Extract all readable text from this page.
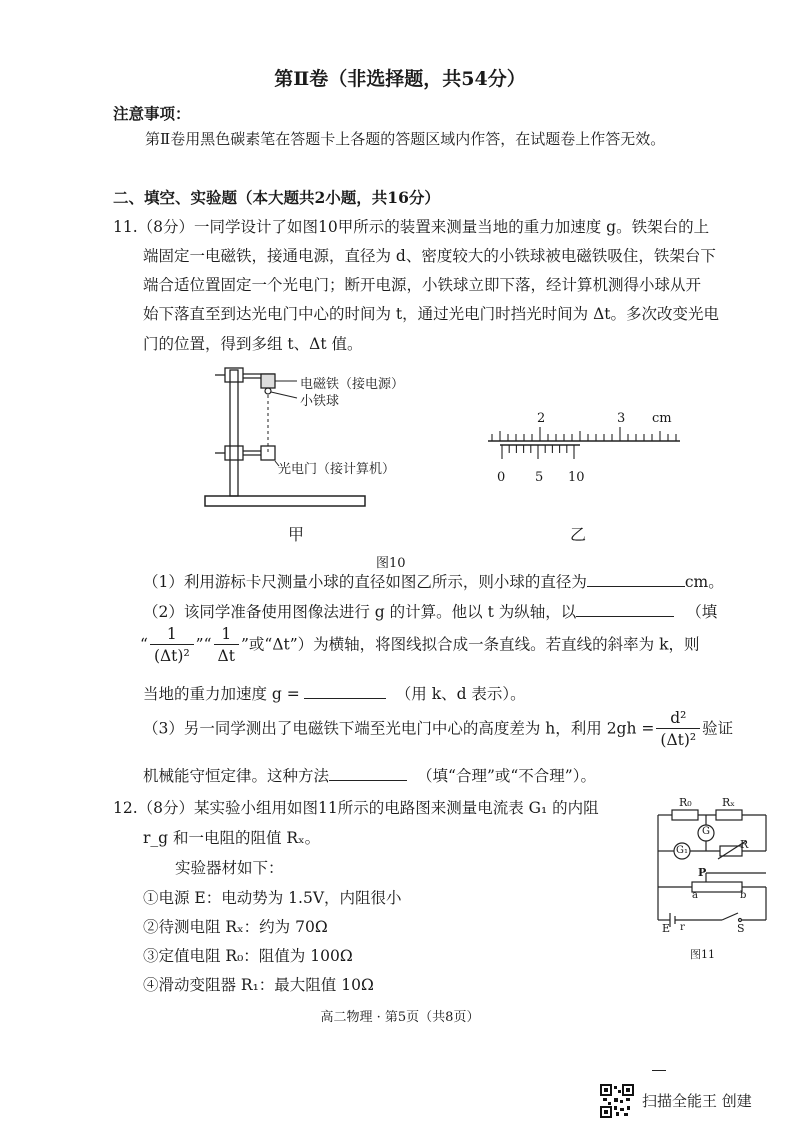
第Ⅱ卷（非选择题，共54分）
注意事项：
第Ⅱ卷用黑色碳素笔在答题卡上各题的答题区域内作答，在试题卷上作答无效。
二、填空、实验题（本大题共2小题，共16分）
11.（8分）一同学设计了如图10甲所示的装置来测量当地的重力加速度 g。铁架台的上
端固定一电磁铁，接通电源，直径为 d、密度较大的小铁球被电磁铁吸住，铁架台下
端合适位置固定一个光电门；断开电源，小铁球立即下落，经计算机测得小球从开
始下落直至到达光电门中心的时间为 t，通过光电门时挡光时间为 Δt。多次改变光电
门的位置，得到多组 t、Δt 值。
电磁铁（接电源）
小铁球
光电门（接计算机）
甲
2	3 cm
0 5 10
乙
图10
（1）利用游标卡尺测量小球的直径如图乙所示，则小球的直径为	cm。
（2）该同学准备使用图像法进行 g 的计算。他以 t 为纵轴，以	（填
“ $\frac{1}{\text{(Δt)²}}$ ”“ $\frac{1}{\Delta t}$ ”或“Δt”）为横轴，将图线拟合成一条直线。若直线的斜率为 k，则
当地的重力加速度 g =	（用 k、d 表示）。
（3）另一同学测出了电磁铁下端至光电门中心的高度差为 h，利用 $2gh = \frac{\text{d²}}{\text{(Δt)²}}$ 验证
机械能守恒定律。这种方法	（填“合理”或“不合理”）。
12.（8分）某实验小组用如图11所示的电路图来测量电流表 G₁ 的内阻
r_g 和一电阻的阻值 Rₓ。
实验器材如下：
①电源 E：电动势为 1.5V，内阻很小
②待测电阻 Rₓ：约为 70Ω
③定值电阻 R₀：阻值为 100Ω
④滑动变阻器 R₁：最大阻值 10Ω
R₀	Rₓ
G
G₁	R
P
a	b
E r	S
图11
高二物理 · 第5页（共8页）
扫描全能王 创建
